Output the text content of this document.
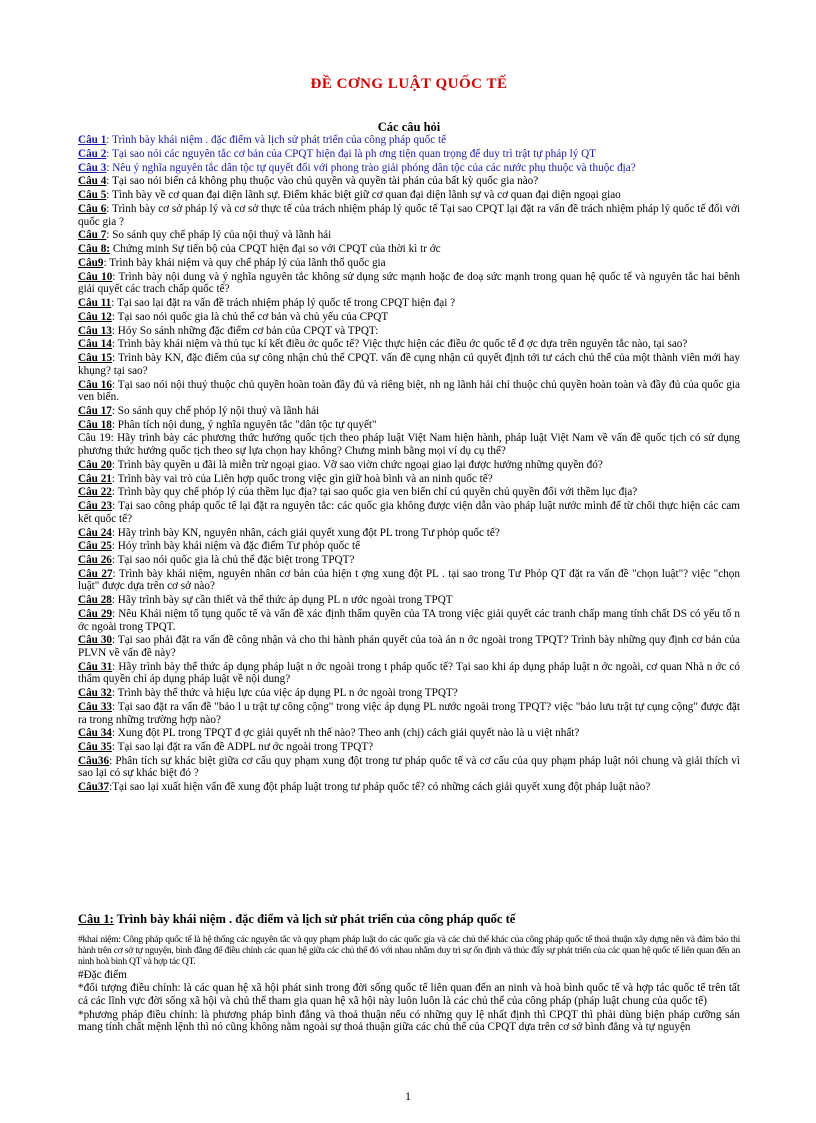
ĐỀ CƠNG LUẬT QUỐC TẾ
Các câu hỏi
Câu 1: Trình bày khái niệm . đặc điểm và lịch sử phát triển của công pháp quốc tế
Câu 2: Tại sao nói các nguyên tắc cơ bản của CPQT hiện đại là ph ơng tiện quan trọng để duy trì trật tự pháp lý QT
Câu 3: Nêu ý nghĩa nguyên tắc dân tộc tự quyết đối với phong trào giải phóng dân tộc của các nước phụ thuộc và thuộc địa?
Câu 4: Tại sao nói biển cả không phụ thuộc vào chủ quyền và quyền tài phán của bất kỳ quốc gia nào?
Câu 5: Tình bày về cơ quan đại diện lãnh sự. Điểm khác biệt giữ cơ quan đại diện lãnh sự và cơ quan đại diện ngoại giao
Câu 6: Trình bày cơ sở pháp lý và cơ sở thực tế của trách nhiệm pháp lý quốc tế Tại sao CPQT lại đặt ra vấn đề trách nhiệm pháp lý quốc tế đối với quốc gia ?
Câu 7: So sánh quy chế pháp lý của nội thuỷ và lãnh hải
Câu 8: Chứng minh Sự tiến bộ của CPQT hiện đại so với CPQT của thời kì tr ớc
Câu9: Trình bày khái niệm và quy chế pháp lý của lãnh thổ quốc gia
Câu 10: Trình bày nội dung và ý nghĩa nguyên tắc không sử dụng sức mạnh hoặc đe doạ sức mạnh trong quan hệ quốc tế và nguyên tắc hai bênh giải quyết các trach chấp quốc tế?
Câu 11: Tại sao lại đặt ra vấn đề trách nhiệm pháp lý quốc tế trong CPQT hiện đại ?
Câu 12: Tại sao nói quốc gia là chủ thể cơ bản và chủ yếu của CPQT
Câu 13: Hóy So sánh những đặc điểm cơ bản của CPQT và TPQT:
Câu 14: Trình bày khái niệm và thủ tục kí kết điều ớc quốc tế? Việc thực hiện các điều ớc quốc tế đ ợc dựa trên nguyên tắc nào, tại sao?
Câu 15: Trình bày KN, đặc điểm của sự công nhận chủ thể CPQT. vấn đề cụng nhận cú quyết định tới tư cách chủ thể của một thành viên mới hay khụng? tại sao?
Câu 16: Tại sao nói nội thuỷ thuộc chủ quyền hoàn toàn đầy đủ và riêng biệt, nh ng lãnh hải chỉ thuộc chủ quyền hoàn toàn và đầy đủ của quốc gia ven biển.
Câu 17: So sánh quy chế phỏp lý nội thuỷ và lãnh hải
Câu 18: Phân tích nội dung, ý nghĩa nguyên tắc "dân tộc tự quyết"
Câu 19: Hãy trình bày các phương thức hướng quốc tịch theo pháp luật Việt Nam hiện hành, pháp luật Việt Nam về vấn đề quốc tịch có sử dụng phương thức hướng quốc tịch theo sự lựa chọn hay không? Chưng minh bằng mọi ví dụ cụ thể?
Câu 20: Trình bày quyền u đãi là miễn trừ ngoại giao. Vỡ sao viờn chức ngoại giao lại được hưởng những quyền đó?
Câu 21: Trình bày vai trò của Liên hợp quốc trong việc gìn giữ hoà bình và an ninh quốc tế?
Câu 22: Trình bày quy chế phỏp lý của thềm lục địa? tại sao quốc gia ven biển chỉ cú quyền chủ quyền đối với thềm lục địa?
Câu 23: Tại sao công pháp quốc tế lại đặt ra nguyên tắc: các quốc gia không được viện dẫn vào pháp luật nước mình để từ chối thực hiện các cam kết quốc tế?
Câu 24: Hãy trình bày KN, nguyên nhân, cách giải quyết xung đột PL trong Tư phỏp quốc tế?
Câu 25: Hóy trình bày khái niệm và đặc điểm Tư phỏp quốc tế
Câu 26: Tại sao nói quốc gia là chủ thể đặc biệt trong TPQT?
Câu 27: Trình bày khái niệm, nguyên nhân cơ bản của hiện t ợng xung đột PL . tại sao trong Tư Phỏp QT đặt ra vấn đề "chọn luật"? việc "chọn luật" được dựa trên cơ sở nào?
Câu 28: Hãy trình bày sự cần thiết và thể thức áp dụng PL n ước ngoài trong TPQT
Câu 29: Nêu Khái niệm tố tụng quốc tế và vấn đề xác định thẩm quyền của TA trong việc giải quyết các tranh chấp mang tính chất DS có yếu tố n ớc ngoài trong TPQT.
Câu 30: Tại sao phải đặt ra vấn đề công nhận và cho thi hành phán quyết của toà án n ớc ngoài trong TPQT? Trình bày những quy định cơ bản của PLVN về vấn đề này?
Câu 31: Hãy trình bày thể thức áp dụng pháp luật n ớc ngoài trong t pháp quốc tế? Tại sao khi áp dụng pháp luật n ớc ngoài, cơ quan Nhà n ớc có thẩm quyền chỉ áp dụng pháp luật về nội dung?
Câu 32: Trình bày thể thức và hiệu lực của việc áp dụng PL n ớc ngoài trong TPQT?
Câu 33: Tại sao đặt ra vấn đề "bảo l u trật tự công cộng" trong việc áp dụng PL nước ngoài trong TPQT? việc "bảo lưu trật tự cụng cộng" được đặt ra trong những trường hợp nào?
Câu 34: Xung đột PL trong TPQT đ ợc giải quyết nh thế nào? Theo anh (chị) cách giải quyết nào là u việt nhất?
Câu 35: Tại sao lại đặt ra vấn đề ADPL nư ớc ngoài trong TPQT?
Câu36: Phân tích sự khác biệt giữa cơ cấu quy phạm xung đột trong tư pháp quốc tế và cơ cấu của quy phạm pháp luật nói chung và giải thích vì sao lại có sự khác biệt đó ?
Câu37:Tại sao lại xuất hiện vấn đề xung đột pháp luật trong tư pháp quốc tế? có những cách giải quyết xung đột pháp luật nào?
Câu 1: Trình bày khái niệm . đặc điểm và lịch sử phát triển của công pháp quốc tế
#khai niệm: Công pháp quốc tế là hệ thống các nguyên tắc và quy phạm pháp luật do các quốc gia và các chủ thể khác của công pháp quốc tế thoả thuận xây dựng nên và đảm bảo thi hành trên cơ sở tự nguyện, bình đẳng để điều chỉnh các quan hệ giữa các chủ thể đó với nhau nhằm duy trì sự ổn định và thúc đẩy sự phát triển của các quan hệ quốc tế liên quan đến an ninh hoà bình QT và hợp tác QT.
#Đặc điểm
*đối tượng điều chỉnh: là các quan hệ xã hội phát sinh trong đời sống quốc tế liên quan đến an ninh và hoà bình quốc tế và hợp tác quốc tế trên tất cả các lĩnh vực đời sống xã hội và chủ thể tham gia quan hệ xã hội này luôn luôn là các chủ thể của công pháp (pháp luật chung của quốc tế)
*phương pháp điều chỉnh: là phương pháp bình đẳng và thoả thuận nếu có những quy lệ nhất định thì CPQT thì phải dùng biện pháp cưỡng sản mang tính chất mệnh lệnh thì nó cũng không nằm ngoài sự thoả thuận giữa các chủ thể của CPQT dựa trên cơ sở bình đẳng và tự nguyện
1
